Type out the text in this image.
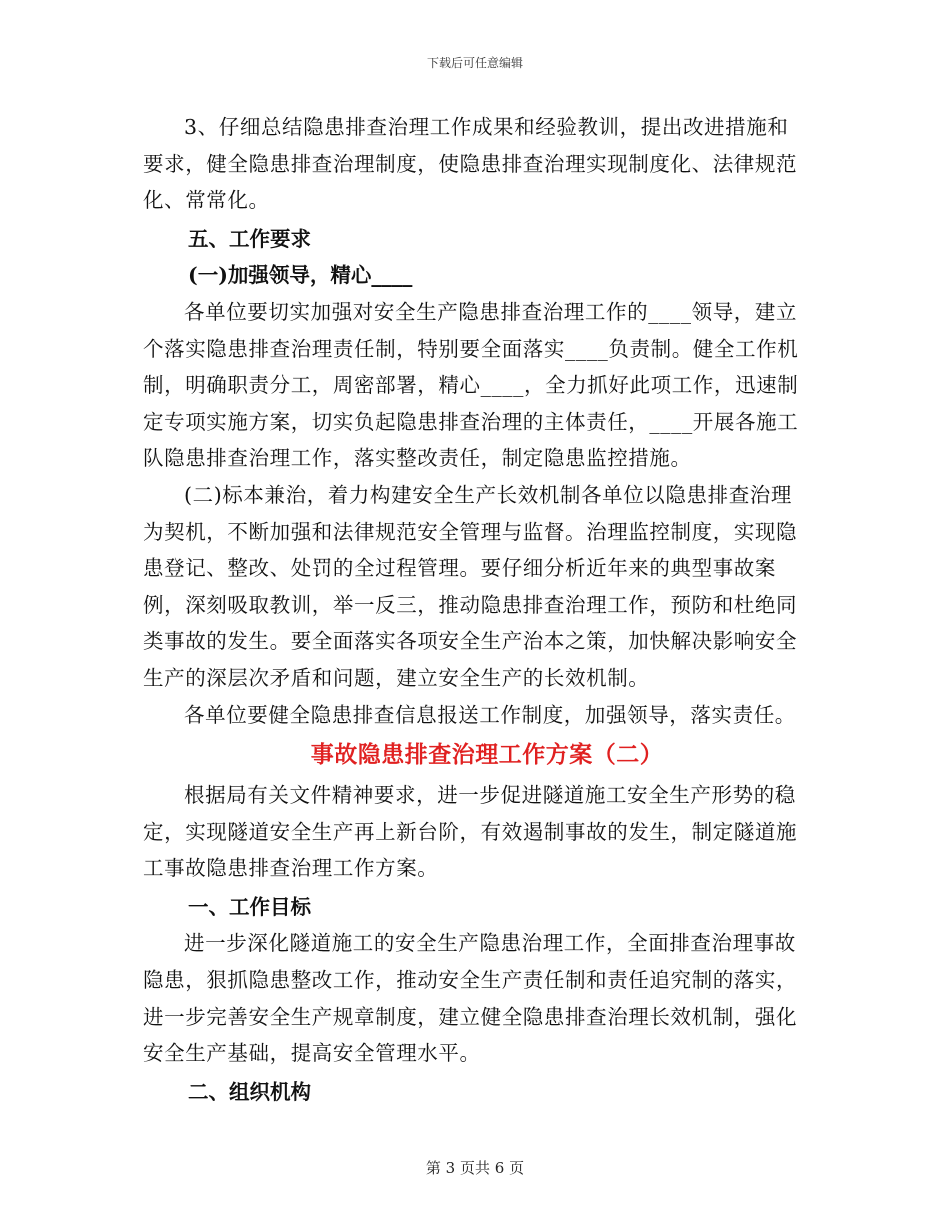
下载后可任意编辑

3、仔细总结隐患排查治理工作成果和经验教训，提出改进措施和要求，健全隐患排查治理制度，使隐患排查治理实现制度化、法律规范化、常常化。

五、工作要求

(一)加强领导，精心____

各单位要切实加强对安全生产隐患排查治理工作的____领导，建立个落实隐患排查治理责任制，特别要全面落实____负责制。健全工作机制，明确职责分工，周密部署，精心____，全力抓好此项工作，迅速制定专项实施方案，切实负起隐患排查治理的主体责任，____开展各施工队隐患排查治理工作，落实整改责任，制定隐患监控措施。

(二)标本兼治，着力构建安全生产长效机制各单位以隐患排查治理为契机，不断加强和法律规范安全管理与监督。治理监控制度，实现隐患登记、整改、处罚的全过程管理。要仔细分析近年来的典型事故案例，深刻吸取教训，举一反三，推动隐患排查治理工作，预防和杜绝同类事故的发生。要全面落实各项安全生产治本之策，加快解决影响安全生产的深层次矛盾和问题，建立安全生产的长效机制。

各单位要健全隐患排查信息报送工作制度，加强领导，落实责任。

事故隐患排查治理工作方案（二）

根据局有关文件精神要求，进一步促进隧道施工安全生产形势的稳定，实现隧道安全生产再上新台阶，有效遏制事故的发生，制定隧道施工事故隐患排查治理工作方案。

一、工作目标

进一步深化隧道施工的安全生产隐患治理工作，全面排查治理事故隐患，狠抓隐患整改工作，推动安全生产责任制和责任追究制的落实，进一步完善安全生产规章制度，建立健全隐患排查治理长效机制，强化安全生产基础，提高安全管理水平。

二、组织机构

第 3 页共 6 页
